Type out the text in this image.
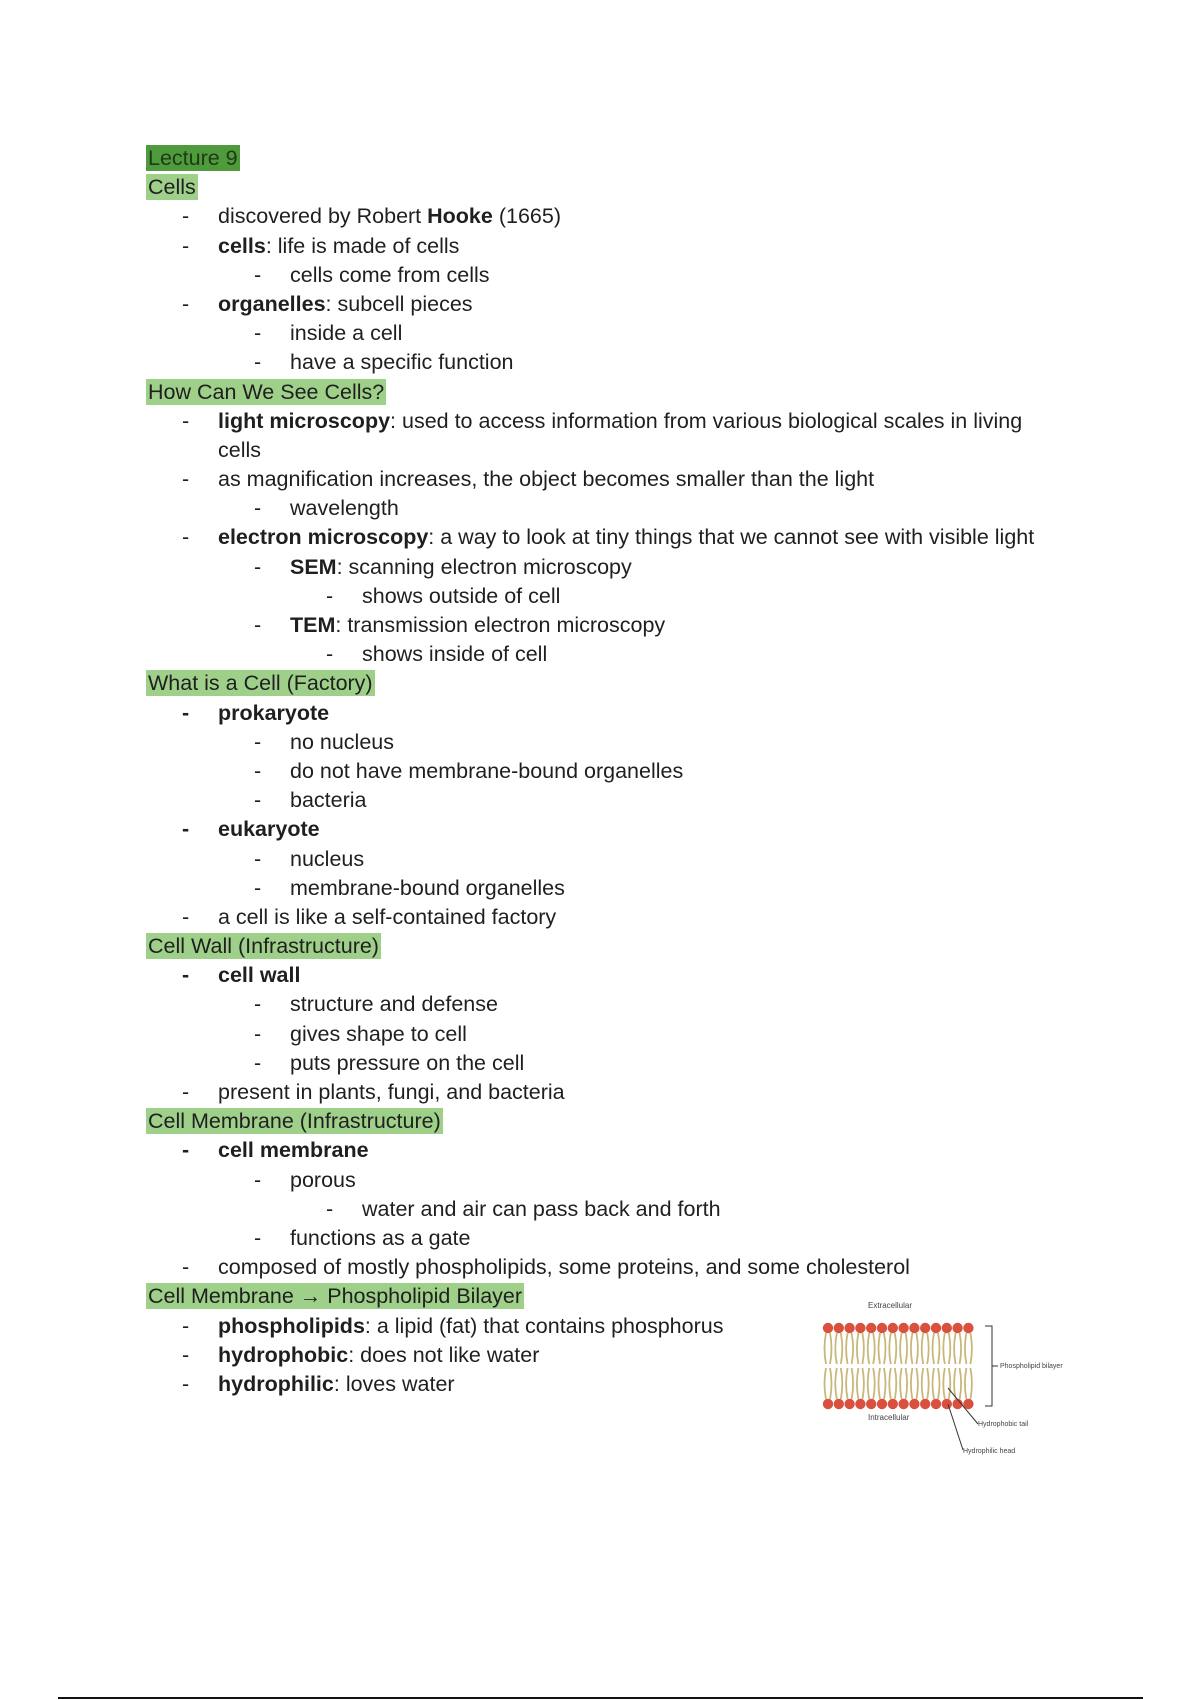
Lecture 9
Cells
- discovered by Robert Hooke (1665)
- cells: life is made of cells
- cells come from cells
- organelles: subcell pieces
- inside a cell
- have a specific function
How Can We See Cells?
- light microscopy: used to access information from various biological scales in living cells
- as magnification increases, the object becomes smaller than the light
- wavelength
- electron microscopy: a way to look at tiny things that we cannot see with visible light
- SEM: scanning electron microscopy
- shows outside of cell
- TEM: transmission electron microscopy
- shows inside of cell
What is a Cell (Factory)
- prokaryote
- no nucleus
- do not have membrane-bound organelles
- bacteria
- eukaryote
- nucleus
- membrane-bound organelles
- a cell is like a self-contained factory
Cell Wall (Infrastructure)
- cell wall
- structure and defense
- gives shape to cell
- puts pressure on the cell
- present in plants, fungi, and bacteria
Cell Membrane (Infrastructure)
- cell membrane
- porous
- water and air can pass back and forth
- functions as a gate
- composed of mostly phospholipids, some proteins, and some cholesterol
Cell Membrane → Phospholipid Bilayer
- phospholipids: a lipid (fat) that contains phosphorus
- hydrophobic: does not like water
- hydrophilic: loves water
Extracellular
Intracellular
Phospholipid bilayer
Hydrophobic tail
Hydrophilic head
